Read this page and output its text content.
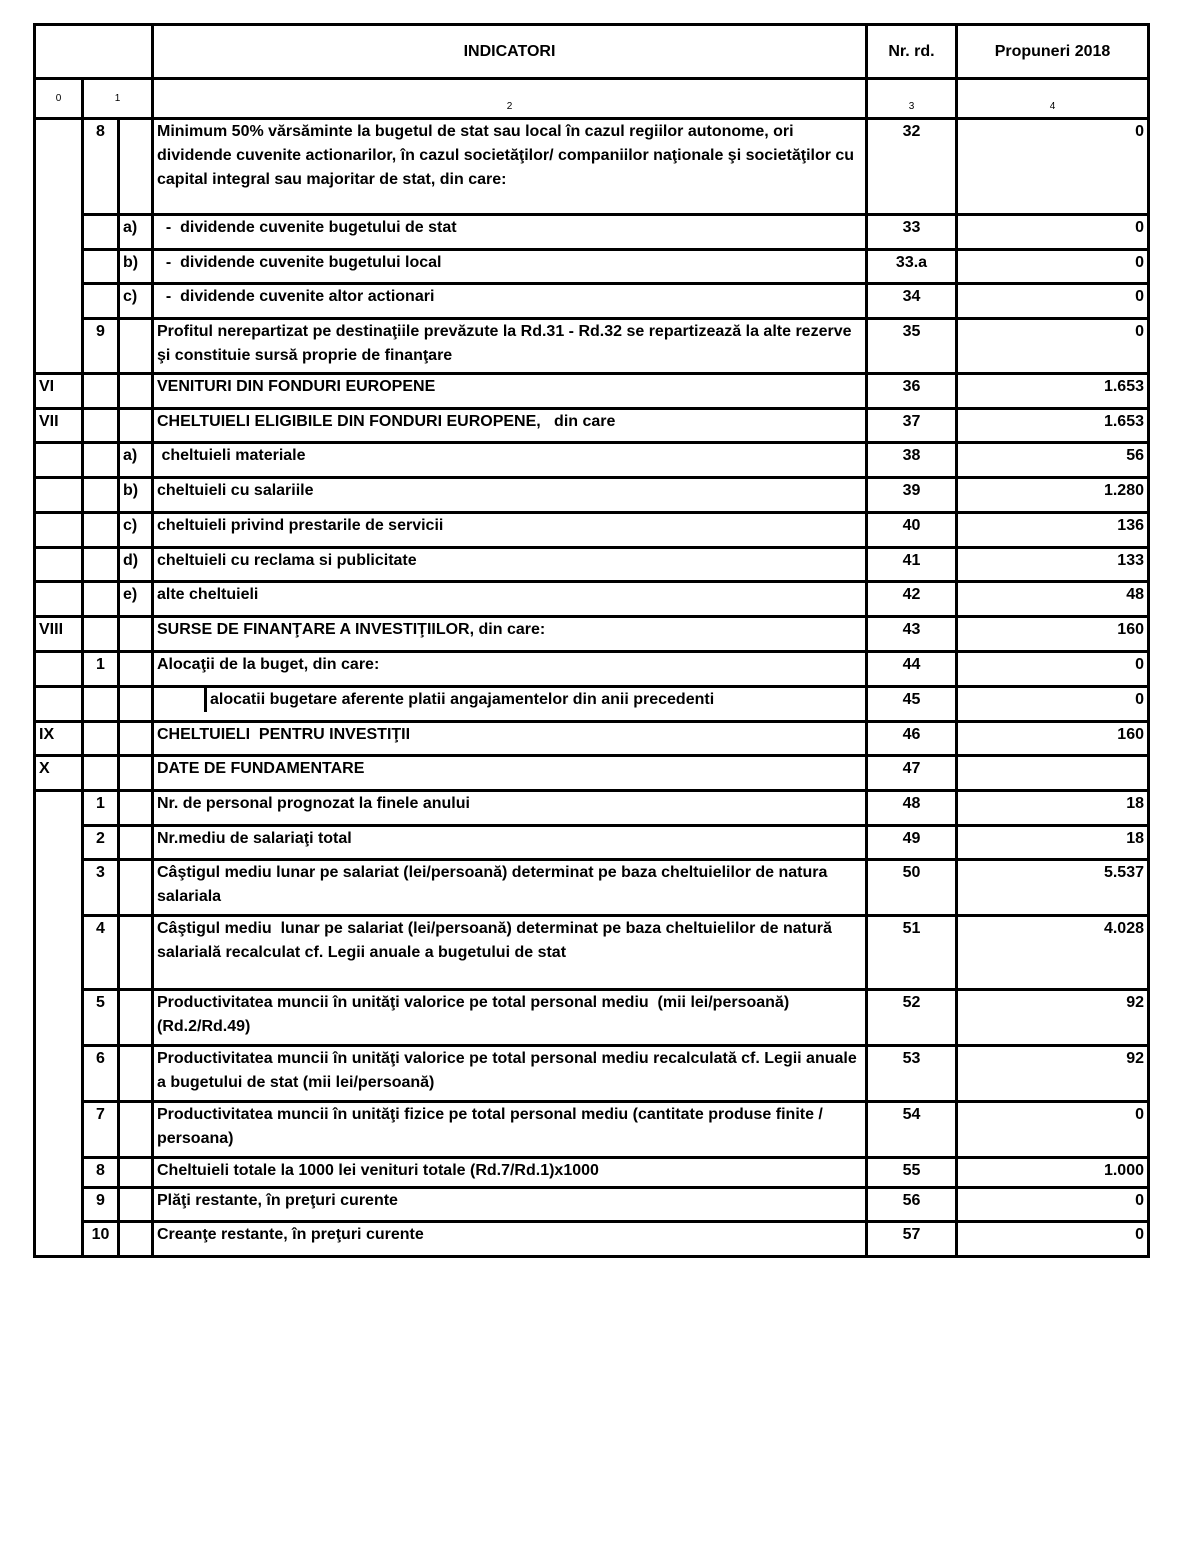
			INDICATORI	Nr. rd.	Propuneri 2018
0	1		2	3	4
	8		Minimum 50% vărsăminte la bugetul de stat sau local în cazul regiilor autonome, ori dividende cuvenite actionarilor, în cazul societăţilor/ companiilor naţionale şi societăţilor cu capital integral sau majoritar de stat, din care:	32	0
		a)	-  dividende cuvenite bugetului de stat	33	0
		b)	-  dividende cuvenite bugetului local	33.a	0
		c)	-  dividende cuvenite altor actionari	34	0
	9		Profitul nerepartizat pe destinaţiile prevăzute la Rd.31 - Rd.32 se repartizează la alte rezerve şi constituie sursă proprie de finanţare	35	0
VI			VENITURI DIN FONDURI EUROPENE	36	1.653
VII			CHELTUIELI ELIGIBILE DIN FONDURI EUROPENE,   din care	37	1.653
		a)	cheltuieli materiale	38	56
		b)	cheltuieli cu salariile	39	1.280
		c)	cheltuieli privind prestarile de servicii	40	136
		d)	cheltuieli cu reclama si publicitate	41	133
		e)	alte cheltuieli	42	48
VIII			SURSE DE FINANŢARE A INVESTIŢIILOR, din care:	43	160
	1		Alocaţii de la buget, din care:	44	0

			alocatii bugetare aferente platii angajamentelor din anii precedenti	45	0
IX			CHELTUIELI  PENTRU INVESTIŢII	46	160
X			DATE DE FUNDAMENTARE	47	
	1		Nr. de personal prognozat la finele anului	48	18
	2		Nr.mediu de salariaţi total	49	18
	3		Câştigul mediu lunar pe salariat (lei/persoană) determinat pe baza cheltuielilor de natura salariala	50	5.537
	4		Câştigul mediu  lunar pe salariat (lei/persoană) determinat pe baza cheltuielilor de natură salarială recalculat cf. Legii anuale a bugetului de stat	51	4.028
	5		Productivitatea muncii în unităţi valorice pe total personal mediu  (mii lei/persoană) (Rd.2/Rd.49)	52	92
	6		Productivitatea muncii în unităţi valorice pe total personal mediu recalculată cf. Legii anuale a bugetului de stat (mii lei/persoană)	53	92
	7		Productivitatea muncii în unităţi fizice pe total personal mediu (cantitate produse finite / persoana)	54	0
	8		Cheltuieli totale la 1000 lei venituri totale (Rd.7/Rd.1)x1000	55	1.000
	9		Plăţi restante, în preţuri curente	56	0
	10		Creanţe restante, în preţuri curente	57	0
